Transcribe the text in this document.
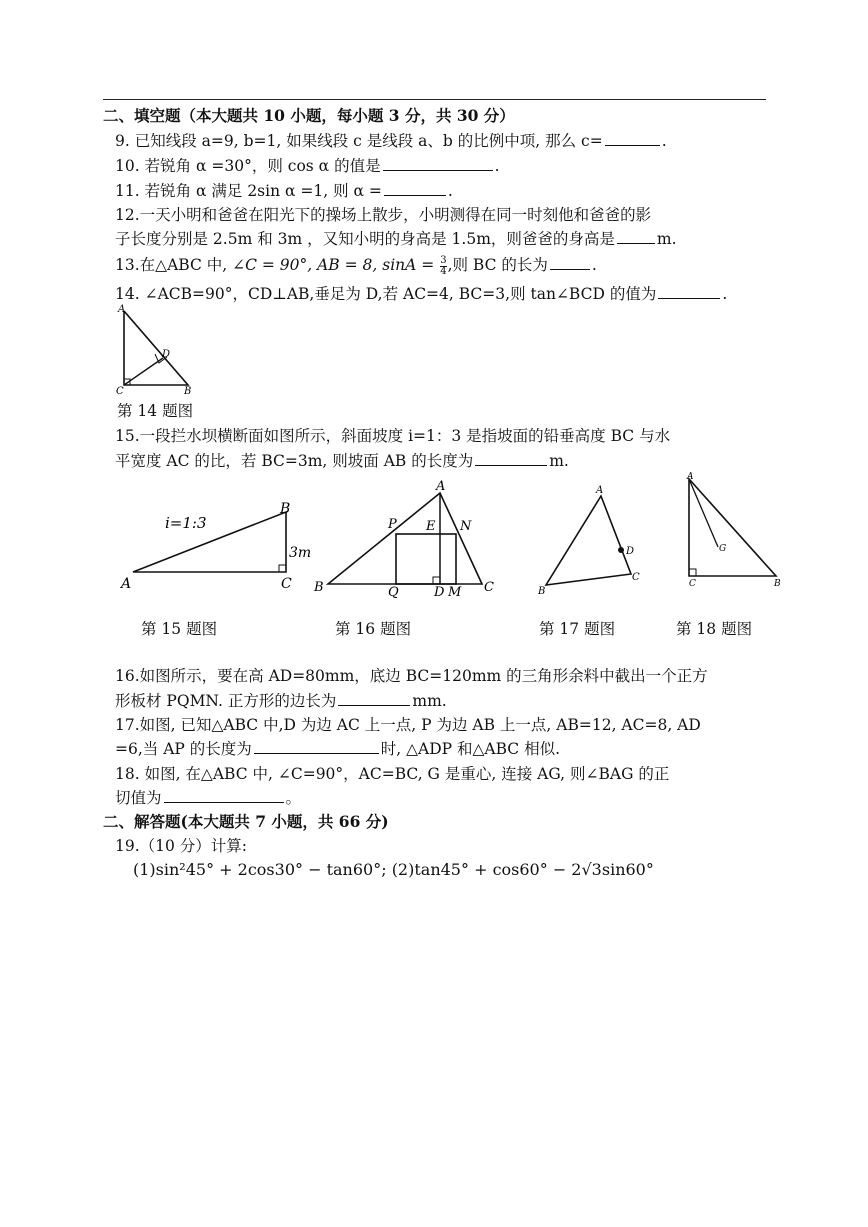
二、填空题（本大题共 10 小题，每小题 3 分，共 30 分）
9. 已知线段 a=9, b=1, 如果线段 c 是线段 a、b 的比例中项, 那么 c=	.
10. 若锐角 α =30°，则 cos α 的值是	.
11. 若锐角 α 满足 2sin α =1, 则 α =	.
12.一天小明和爸爸在阳光下的操场上散步，小明测得在同一时刻他和爸爸的影
子长度分别是 2.5m 和 3m ，又知小明的身高是 1.5m，则爸爸的身高是	m.
13.在△ABC 中, ∠C = 90°, AB = 8, $\sin A = \frac{3}{4}$ ,则 BC 的长为	.
14. ∠ACB=90°，CD⊥AB,垂足为 D,若 AC=4, BC=3,则 tan∠BCD 的值为	.
A
D
C	B
第 14 题图
15.一段拦水坝横断面如图所示，斜面坡度 i=1：3 是指坡面的铅垂高度 BC 与水
平宽度 AC 的比，若 BC=3m, 则坡面 AB 的长度为	m.
i=1:3
3m
B
A	C
A
P E N
B	Q	D M C
A
D
B
C
A
G
C	B
第 15 题图	第 16 题图	第 17 题图	第 18 题图
16.如图所示，要在高 AD=80mm，底边 BC=120mm 的三角形余料中截出一个正方
形板材 PQMN. 正方形的边长为	mm.
17.如图, 已知△ABC 中,D 为边 AC 上一点, P 为边 AB 上一点, AB=12, AC=8, AD
=6,当 AP 的长度为	时, △ADP 和△ABC 相似.
18. 如图, 在△ABC 中, ∠C=90°，AC=BC, G 是重心, 连接 AG, 则∠BAG 的正
切值为	。
二、解答题(本大题共 7 小题，共 66 分)
19.（10 分）计算:
(1)sin²45° + 2cos30° − tan60°; (2)tan45° + cos60° − 2√3sin60°
